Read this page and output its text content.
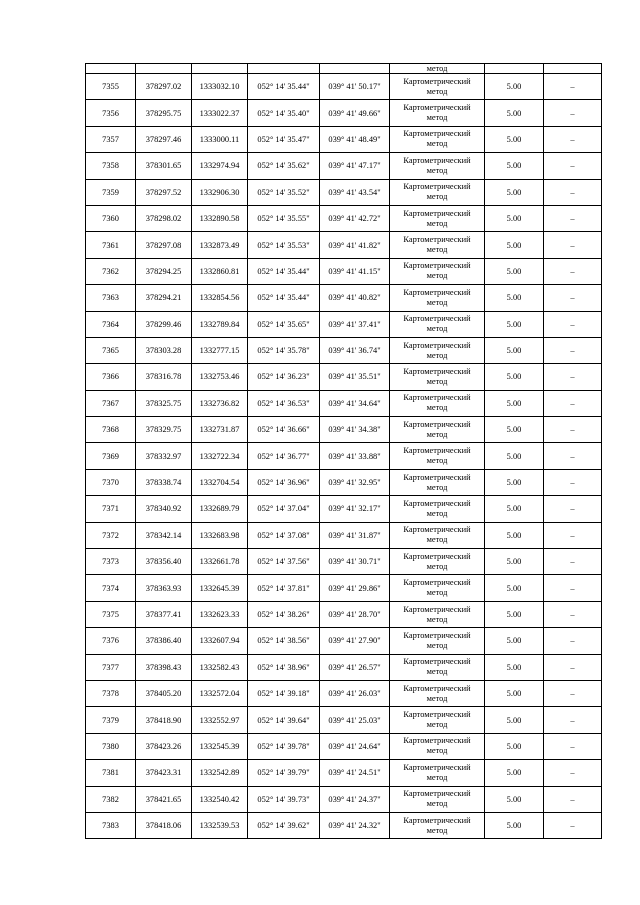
					метод		
7355	378297.02	1333032.10	052° 14' 35.44"	039° 41' 50.17"	Картометрический
метод	5.00	–
7356	378295.75	1333022.37	052° 14' 35.40"	039° 41' 49.66"	Картометрический
метод	5.00	–
7357	378297.46	1333000.11	052° 14' 35.47"	039° 41' 48.49"	Картометрический
метод	5.00	–
7358	378301.65	1332974.94	052° 14' 35.62"	039° 41' 47.17"	Картометрический
метод	5.00	–
7359	378297.52	1332906.30	052° 14' 35.52"	039° 41' 43.54"	Картометрический
метод	5.00	–
7360	378298.02	1332890.58	052° 14' 35.55"	039° 41' 42.72"	Картометрический
метод	5.00	–
7361	378297.08	1332873.49	052° 14' 35.53"	039° 41' 41.82"	Картометрический
метод	5.00	–
7362	378294.25	1332860.81	052° 14' 35.44"	039° 41' 41.15"	Картометрический
метод	5.00	–
7363	378294.21	1332854.56	052° 14' 35.44"	039° 41' 40.82"	Картометрический
метод	5.00	–
7364	378299.46	1332789.84	052° 14' 35.65"	039° 41' 37.41"	Картометрический
метод	5.00	–
7365	378303.28	1332777.15	052° 14' 35.78"	039° 41' 36.74"	Картометрический
метод	5.00	–
7366	378316.78	1332753.46	052° 14' 36.23"	039° 41' 35.51"	Картометрический
метод	5.00	–
7367	378325.75	1332736.82	052° 14' 36.53"	039° 41' 34.64"	Картометрический
метод	5.00	–
7368	378329.75	1332731.87	052° 14' 36.66"	039° 41' 34.38"	Картометрический
метод	5.00	–
7369	378332.97	1332722.34	052° 14' 36.77"	039° 41' 33.88"	Картометрический
метод	5.00	–
7370	378338.74	1332704.54	052° 14' 36.96"	039° 41' 32.95"	Картометрический
метод	5.00	–
7371	378340.92	1332689.79	052° 14' 37.04"	039° 41' 32.17"	Картометрический
метод	5.00	–
7372	378342.14	1332683.98	052° 14' 37.08"	039° 41' 31.87"	Картометрический
метод	5.00	–
7373	378356.40	1332661.78	052° 14' 37.56"	039° 41' 30.71"	Картометрический
метод	5.00	–
7374	378363.93	1332645.39	052° 14' 37.81"	039° 41' 29.86"	Картометрический
метод	5.00	–
7375	378377.41	1332623.33	052° 14' 38.26"	039° 41' 28.70"	Картометрический
метод	5.00	–
7376	378386.40	1332607.94	052° 14' 38.56"	039° 41' 27.90"	Картометрический
метод	5.00	–
7377	378398.43	1332582.43	052° 14' 38.96"	039° 41' 26.57"	Картометрический
метод	5.00	–
7378	378405.20	1332572.04	052° 14' 39.18"	039° 41' 26.03"	Картометрический
метод	5.00	–
7379	378418.90	1332552.97	052° 14' 39.64"	039° 41' 25.03"	Картометрический
метод	5.00	–
7380	378423.26	1332545.39	052° 14' 39.78"	039° 41' 24.64"	Картометрический
метод	5.00	–
7381	378423.31	1332542.89	052° 14' 39.79"	039° 41' 24.51"	Картометрический
метод	5.00	–
7382	378421.65	1332540.42	052° 14' 39.73"	039° 41' 24.37"	Картометрический
метод	5.00	–
7383	378418.06	1332539.53	052° 14' 39.62"	039° 41' 24.32"	Картометрический
метод	5.00	–
